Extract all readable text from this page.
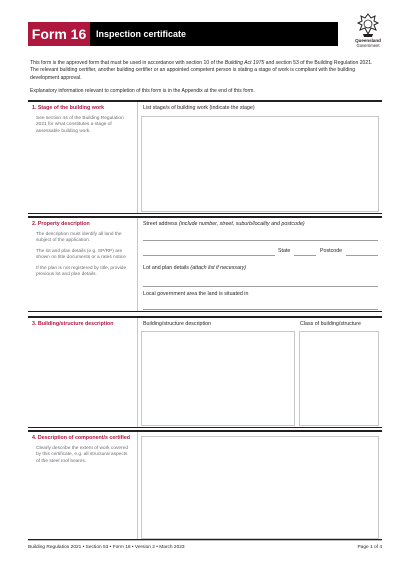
Form 16	Inspection certificate
Queensland
Government

This form is the approved form that must be used in accordance with section 10 of the Building Act 1975 and section 53 of the Building Regulation 2021. The relevant building certifier, another building certifier or an appointed competent person is stating a stage of work is compliant with the building development approval.

Explanatory information relevant to completion of this form is in the Appendix at the end of this form.

1. Stage of the building work

See section 44 of the Building Regulation 2021 for what constitutes a stage of assessable building work.

List stage/s of building work (indicate the stage)
2. Property description

The description must identify all land the subject of the application.

The lot and plan details (e.g. SP/RP) are shown on title documents or a rates notice

If the plan is not registered by title, provide previous lot and plan details.

Street address (include number, street, suburb/locality and postcode)
State	Postcode
Lot and plan details (attach list if necessary)
Local government area the land is situated in
3. Building/structure description	Building/structure description	Class of building/structure
4. Description of component/s certified

Clearly describe the extent of work covered by this certificate, e.g. all structural aspects of the steel roof beams.

Building Regulation 2021 • Section 53 • Form 16 • Version 2 • March 2023	Page 1 of 4
